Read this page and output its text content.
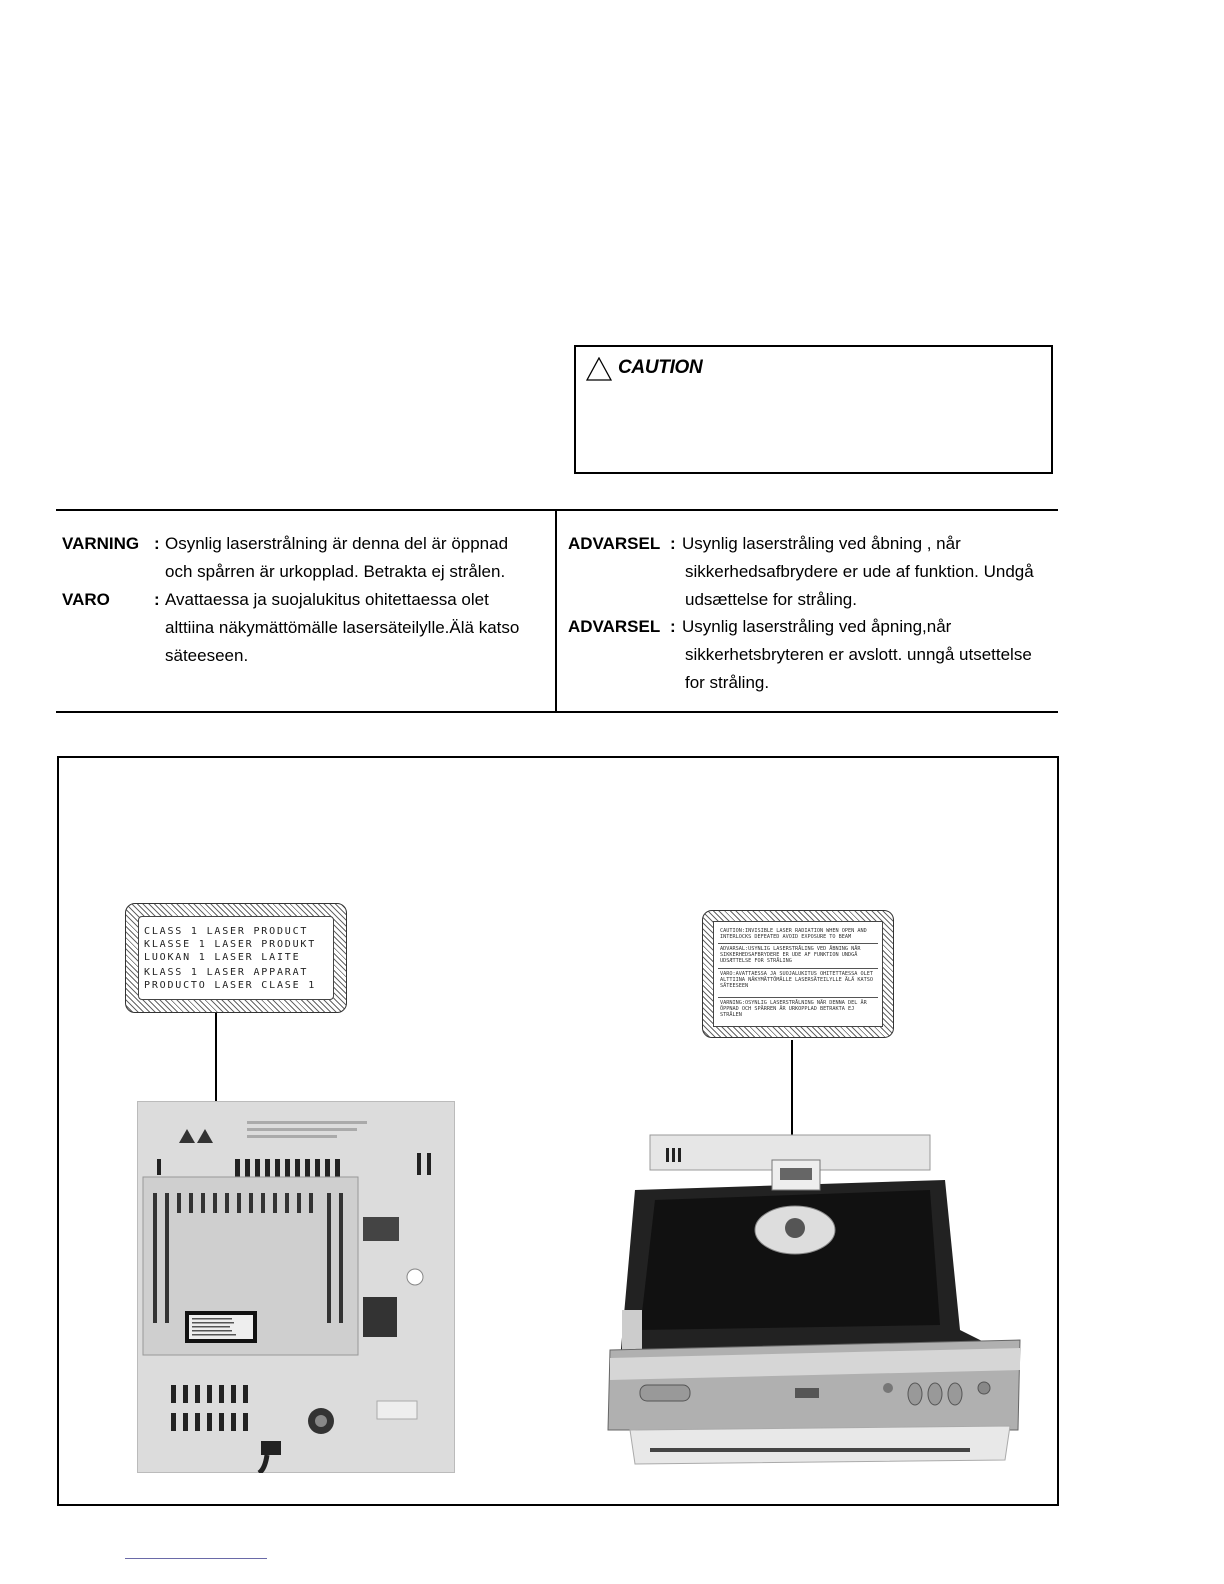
CAUTION
VARNING : Osynlig laserstrålning är denna del är öppnad
och spårren är urkopplad. Betrakta ej strålen.
VARO	: Avattaessa ja suojalukitus ohitettaessa olet
alttiina näkymättömälle lasersäteilylle.Älä katso
säteeseen.
ADVARSEL : Usynlig laserstråling ved åbning , når
sikkerhedsafbrydere er ude af funktion. Undgå
udsættelse for stråling.
ADVARSEL : Usynlig laserstråling ved åpning,når
sikkerhetsbryteren er avslott. unngå utsettelse
for stråling.
CLASS 1 LASER PRODUCT
KLASSE 1 LASER PRODUKT
LUOKAN 1 LASER LAITE
KLASS 1 LASER APPARAT
PRODUCTO LASER CLASE 1
CAUTION:INVISIBLE LASER RADIATION WHEN OPEN AND INTERLOCKS DEFEATED AVOID EXPOSURE TO BEAM
ADVARSAL:USYNLIG LASERSTRÅLING VED ÅBNING NÅR SIKKERHEDSAFBRYDERE ER UDE AF FUNKTION UNDGÅ UDSÆTTELSE FOR STRÅLING
VARO:AVATTAESSA JA SUOJALUKITUS OHITETTAESSA OLET ALTTIINA NÄKYMÄTTÖMÄLLE LASERSÄTEILYLLE ÄLÄ KATSO SÄTEESEEN
VARNING:OSYNLIG LASERSTRÅLNING NÄR DENNA DEL ÄR ÖPPNAD OCH SPÄRREN ÄR URKOPPLAD BETRAKTA EJ STRÅLEN
